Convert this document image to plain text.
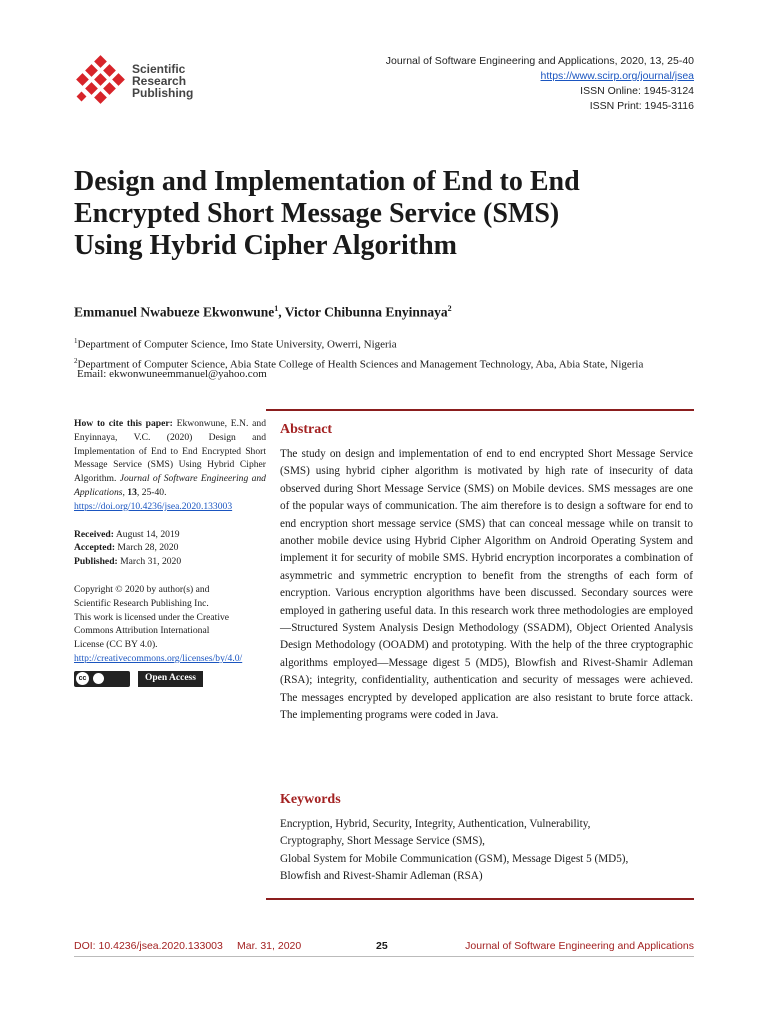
Scientific
Research
Publishing
Journal of Software Engineering and Applications, 2020, 13, 25-40
https://www.scirp.org/journal/jsea
ISSN Online: 1945-3124
ISSN Print: 1945-3116
Design and Implementation of End to End
Encrypted Short Message Service (SMS)
Using Hybrid Cipher Algorithm
Emmanuel Nwabueze Ekwonwune$^1$, Victor Chibunna Enyinnaya$^2$
$^1$Department of Computer Science, Imo State University, Owerri, Nigeria
$^2$Department of Computer Science, Abia State College of Health Sciences and Management Technology, Aba, Abia State, Nigeria
Email: ekwonwuneemmanuel@yahoo.com

How to cite this paper: Ekwonwune, E.N. and Enyinnaya, V.C. (2020) Design and Implementation of End to End Encrypted Short Message Service (SMS) Using Hybrid Cipher Algorithm. Journal of Software Engineering and Applications, 13, 25-40.

https://doi.org/10.4236/jsea.2020.133003

Received: August 14, 2019

Accepted: March 28, 2020

Published: March 31, 2020

Copyright © 2020 by author(s) and

Scientific Research Publishing Inc.

This work is licensed under the Creative

Commons Attribution International

License (CC BY 4.0).

http://creativecommons.org/licenses/by/4.0/

cc	Open Access
Abstract
The study on design and implementation of end to end encrypted Short Message Service (SMS) using hybrid cipher algorithm is motivated by high rate of insecurity of data observed during Short Message Service (SMS) on Mobile devices. SMS messages are one of the popular ways of communication. The aim therefore is to design a software for end to end encryption short message service (SMS) that can conceal message while on transit to another mobile device using Hybrid Cipher Algorithm on Android Operating System and implement it for security of mobile SMS. Hybrid encryption incorporates a combination of asymmetric and symmetric encryption to benefit from the strengths of each form of encryption. Various encryption algorithms have been discussed. Secondary sources were employed in gathering useful data. In this research work three methodologies are employed—Structured System Analysis Design Methodology (SSADM), Object Oriented Analysis Design Methodology (OOADM) and prototyping. With the help of the three cryptographic algorithms employed—Message digest 5 (MD5), Blowfish and Rivest-Shamir Adleman (RSA); integrity, confidentiality, authentication and security of messages were achieved. The messages encrypted by developed application are also resistant to brute force attack. The implementing programs were coded in Java.
Keywords
Encryption, Hybrid, Security, Integrity, Authentication, Vulnerability,
Cryptography, Short Message Service (SMS),
Global System for Mobile Communication (GSM), Message Digest 5 (MD5),
Blowfish and Rivest-Shamir Adleman (RSA)
DOI: 10.4236/jsea.2020.133003 Mar. 31, 2020	25	Journal of Software Engineering and Applications
